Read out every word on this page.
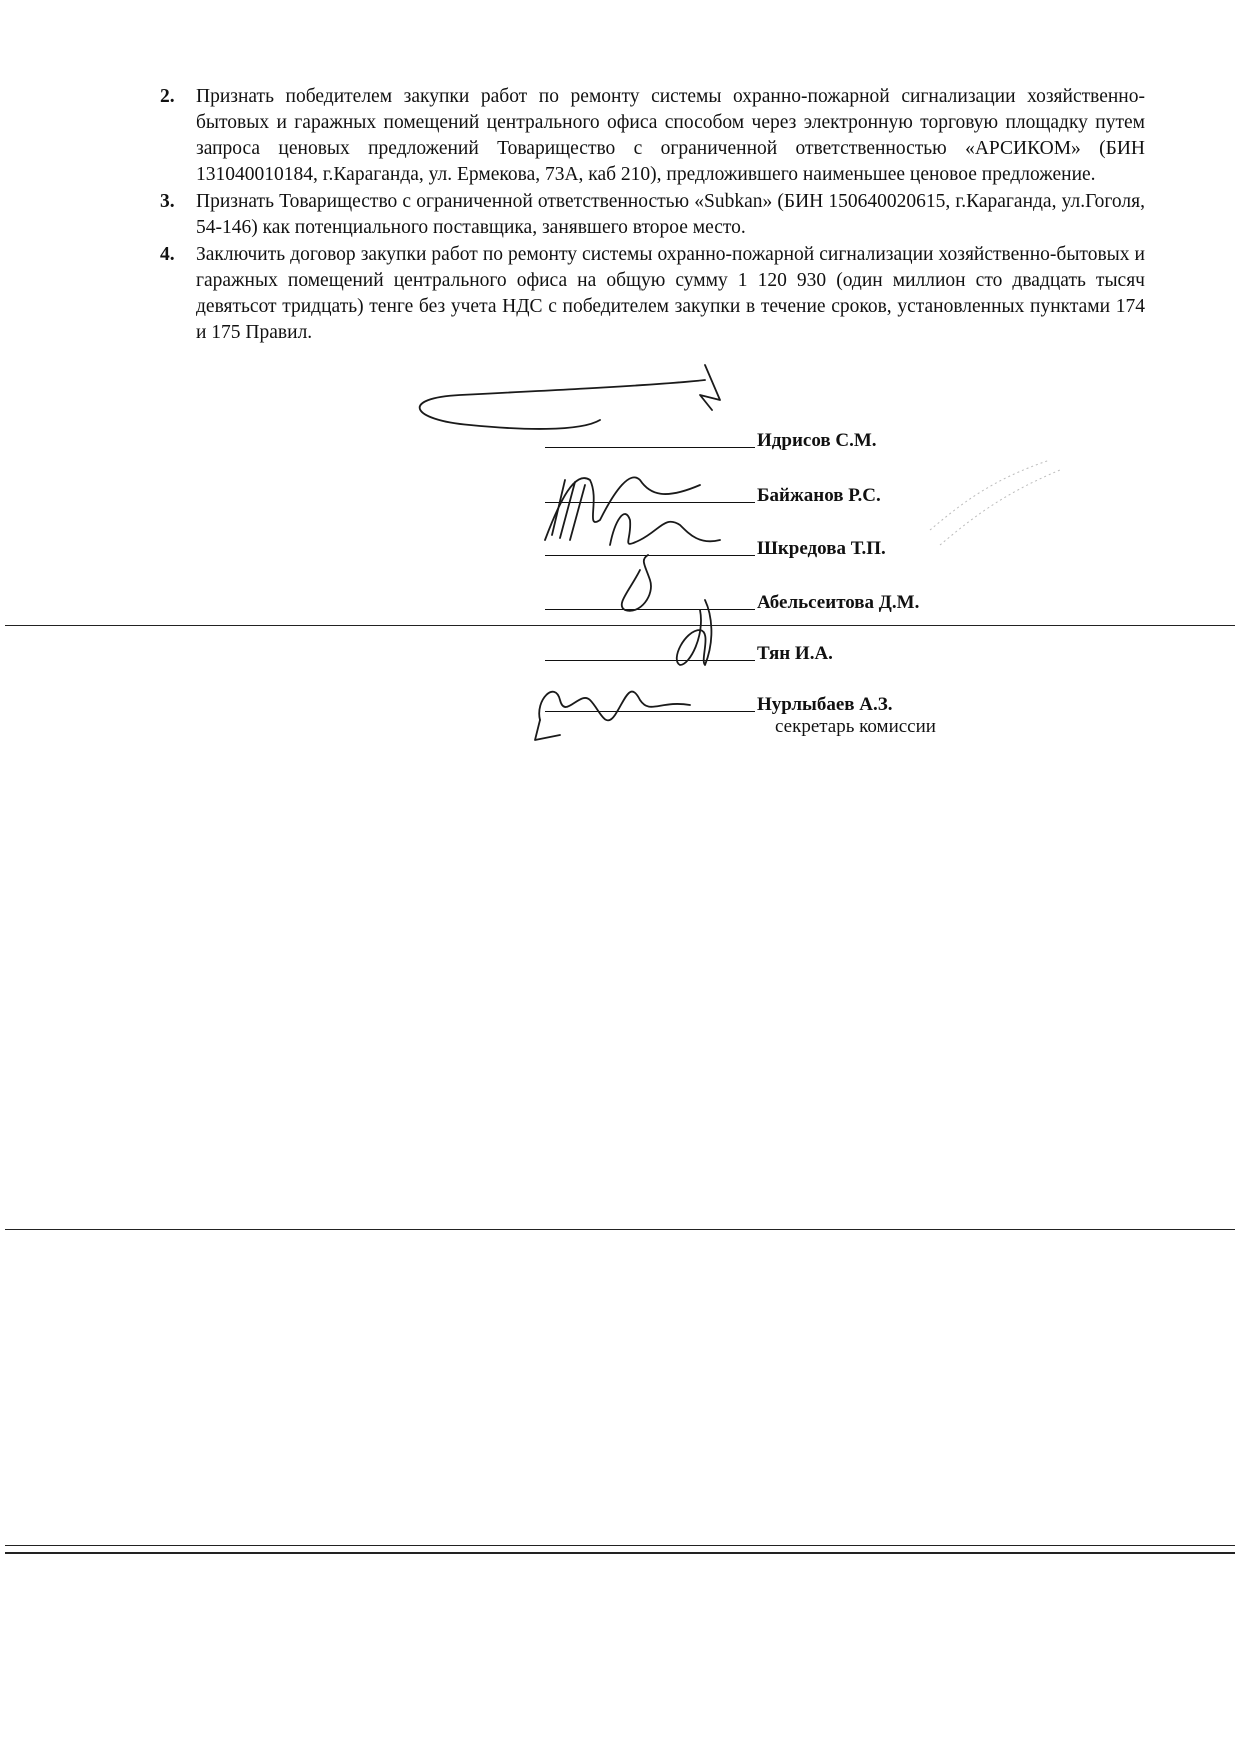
2. Признать победителем закупки работ по ремонту системы охранно-пожарной сигнализации хозяйственно-бытовых и гаражных помещений центрального офиса способом через электронную торговую площадку путем запроса ценовых предложений Товарищество с ограниченной ответственностью «АРСИКОМ» (БИН 131040010184, г.Караганда, ул. Ермекова, 73А, каб 210), предложившего наименьшее ценовое предложение.
3. Признать Товарищество с ограниченной ответственностью «Subkan» (БИН 150640020615, г.Караганда, ул.Гоголя, 54-146) как потенциального поставщика, занявшего второе место.
4. Заключить договор закупки работ по ремонту системы охранно-пожарной сигнализации хозяйственно-бытовых и гаражных помещений центрального офиса на общую сумму 1 120 930 (один миллион сто двадцать тысяч девятьсот тридцать) тенге без учета НДС с победителем закупки в течение сроков, установленных пунктами 174 и 175 Правил.
Идрисов С.М.
Байжанов Р.С.
Шкредова Т.П.
Абельсеитова Д.М.
Тян И.А.
Нурлыбаев А.З.
секретарь комиссии
